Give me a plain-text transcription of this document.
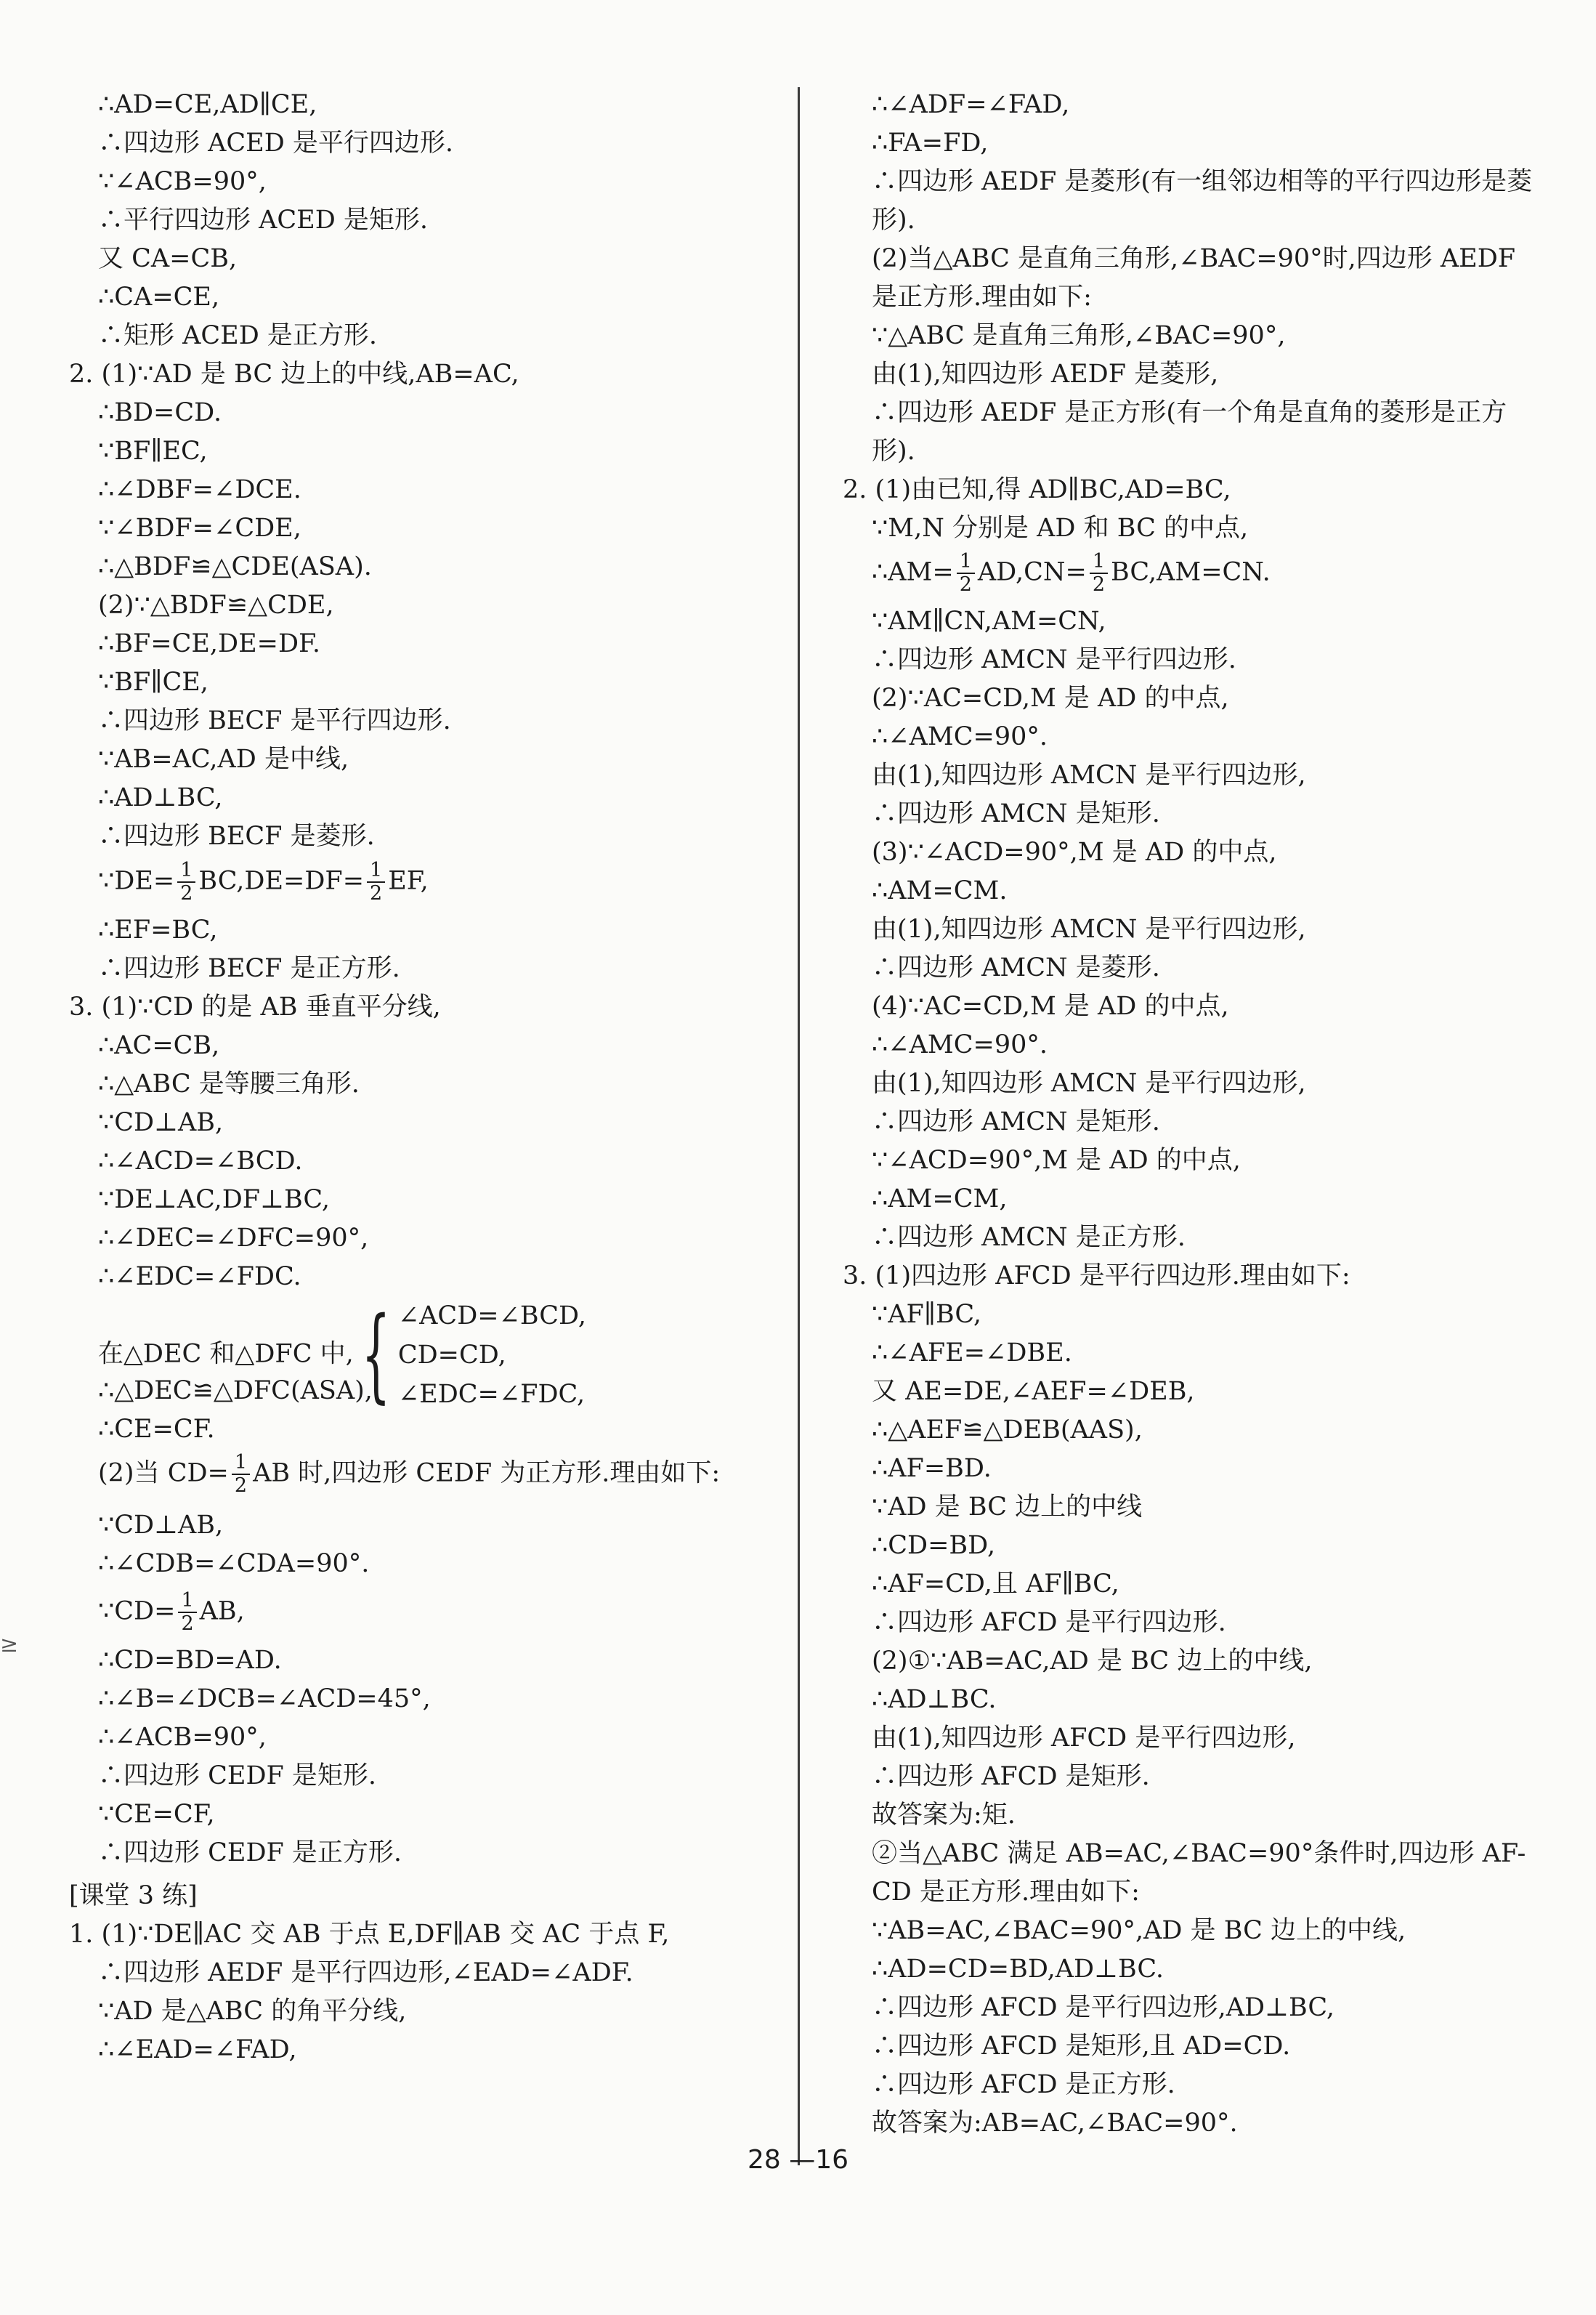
∴AD=CE,AD∥CE,
∴四边形 ACED 是平行四边形.
∵∠ACB=90°,
∴平行四边形 ACED 是矩形.
又 CA=CB,
∴CA=CE,
∴矩形 ACED 是正方形.
2. (1)∵AD 是 BC 边上的中线,AB=AC,
∴BD=CD.
∵BF∥EC,
∴∠DBF=∠DCE.
∵∠BDF=∠CDE,
∴△BDF≌△CDE(ASA).
(2)∵△BDF≌△CDE,
∴BF=CE,DE=DF.
∵BF∥CE,
∴四边形 BECF 是平行四边形.
∵AB=AC,AD 是中线,
∴AD⊥BC,
∴四边形 BECF 是菱形.
∵DE= $\frac{1}{2} BC,DE=DF= \frac{1}{2}$ EF,
∴EF=BC,
∴四边形 BECF 是正方形.
3. (1)∵CD 的是 AB 垂直平分线,
∴AC=CB,
∴△ABC 是等腰三角形.
∵CD⊥AB,
∴∠ACD=∠BCD.
∵DE⊥AC,DF⊥BC,
∴∠DEC=∠DFC=90°,
∴∠EDC=∠FDC.
在△DEC 和△DFC 中,{ ∠ACD=∠BCD,
CD=CD,
∠EDC=∠FDC,
∴△DEC≌△DFC(ASA),
∴CE=CF.
(2)当 $CD= \frac{1}{2}$ AB 时,四边形 CEDF 为正方形.理由如下:
∵CD⊥AB,
∴∠CDB=∠CDA=90°.
∵CD= $\frac{1}{2}$ AB,
∴CD=BD=AD.
∴∠B=∠DCB=∠ACD=45°,
∴∠ACB=90°,
∴四边形 CEDF 是矩形.
∵CE=CF,
∴四边形 CEDF 是正方形.
[课堂 3 练]
1. (1)∵DE∥AC 交 AB 于点 E,DF∥AB 交 AC 于点 F,
∴四边形 AEDF 是平行四边形,∠EAD=∠ADF.
∵AD 是△ABC 的角平分线,
∴∠EAD=∠FAD,
∴∠ADF=∠FAD,
∴FA=FD,
∴四边形 AEDF 是菱形(有一组邻边相等的平行四边形是菱
形).
(2)当△ABC 是直角三角形,∠BAC=90°时,四边形 AEDF
是正方形.理由如下:
∵△ABC 是直角三角形,∠BAC=90°,
由(1),知四边形 AEDF 是菱形,
∴四边形 AEDF 是正方形(有一个角是直角的菱形是正方
形).
2. (1)由已知,得 AD∥BC,AD=BC,
∵M,N 分别是 AD 和 BC 的中点,
∴AM= $\frac{1}{2} AD,CN= \frac{1}{2} BC,AM=CN$.
∵AM∥CN,AM=CN,
∴四边形 AMCN 是平行四边形.
(2)∵AC=CD,M 是 AD 的中点,
∴∠AMC=90°.
由(1),知四边形 AMCN 是平行四边形,
∴四边形 AMCN 是矩形.
(3)∵∠ACD=90°,M 是 AD 的中点,
∴AM=CM.
由(1),知四边形 AMCN 是平行四边形,
∴四边形 AMCN 是菱形.
(4)∵AC=CD,M 是 AD 的中点,
∴∠AMC=90°.
由(1),知四边形 AMCN 是平行四边形,
∴四边形 AMCN 是矩形.
∵∠ACD=90°,M 是 AD 的中点,
∴AM=CM,
∴四边形 AMCN 是正方形.
3. (1)四边形 AFCD 是平行四边形.理由如下:
∵AF∥BC,
∴∠AFE=∠DBE.
又 AE=DE,∠AEF=∠DEB,
∴△AEF≌△DEB(AAS),
∴AF=BD.
∵AD 是 BC 边上的中线
∴CD=BD,
∴AF=CD,且 AF∥BC,
∴四边形 AFCD 是平行四边形.
(2)①∵AB=AC,AD 是 BC 边上的中线,
∴AD⊥BC.
由(1),知四边形 AFCD 是平行四边形,
∴四边形 AFCD 是矩形.
故答案为:矩.
②当△ABC 满足 AB=AC,∠BAC=90°条件时,四边形 AF-
CD 是正方形.理由如下:
∵AB=AC,∠BAC=90°,AD 是 BC 边上的中线,
∴AD=CD=BD,AD⊥BC.
∴四边形 AFCD 是平行四边形,AD⊥BC,
∴四边形 AFCD 是矩形,且 AD=CD.
∴四边形 AFCD 是正方形.
故答案为:AB=AC,∠BAC=90°.
≥
28 —16
